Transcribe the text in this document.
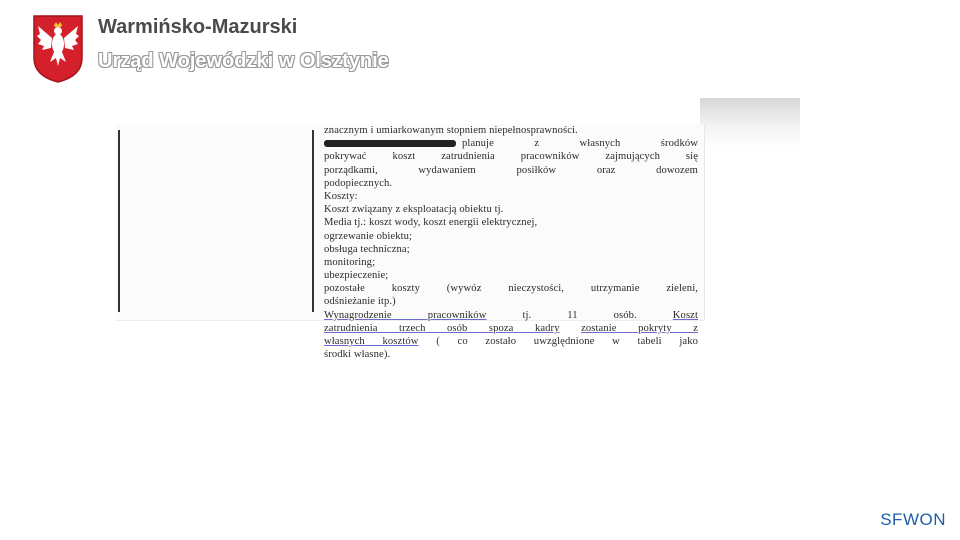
Warmińsko-Mazurski
Urząd Wojewódzki w Olsztynie
znacznym i umiarkowanym stopniem niepełnosprawności.
planuje z własnych środków
pokrywać koszt zatrudnienia pracowników zajmujących się
porządkami, wydawaniem posiłków oraz dowozem
podopiecznych.
Koszty:
Koszt związany z eksploatacją obiektu tj.
Media tj.: koszt wody, koszt energii elektrycznej,
ogrzewanie obiektu;
obsługa techniczna;
monitoring;
ubezpieczenie;
pozostałe koszty (wywóz nieczystości, utrzymanie zieleni,
odśnieżanie itp.)
Wynagrodzenie pracowników	tj. 11 osób.	Koszt
zatrudnienia trzech osób spoza kadry zostanie pokryty z
własnych kosztów ( co zostało uwzględnione w tabeli jako
środki własne).
SFWON
